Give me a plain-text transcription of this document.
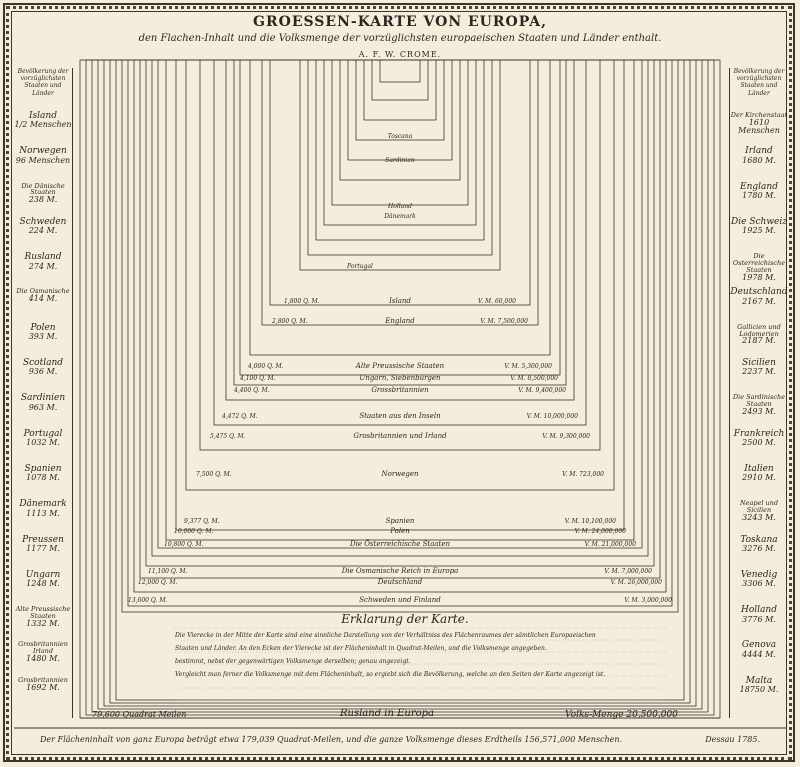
GROESSEN-KARTE VON EUROPA,
den Flachen-Inhalt und die Volksmenge der vorzüglichsten europaeischen Staaten und Länder enthalt.
A. F. W. CROME.
1,800 Q. M.	Island	V. M. 60,000
2,800 Q. M.	England	V. M. 7,500,000
4,000 Q. M.	Alte Preussische Staaten	V. M. 5,300,000
4,100 Q. M.	Ungarn, Siebenbürgen	V. M. 8,500,000
4,400 Q. M.	Grossbritannien	V. M. 9,400,000
4,472 Q. M.	Staaten aus den Inseln	V. M. 10,000,000
5,475 Q. M.	Grosbritannien und Irland	V. M. 9,300,000
7,500 Q. M.	Norwegen	V. M. 723,000
9,377 Q. M.	Spanien	V. M. 10,100,000
10,000 Q. M.	Polen	V. M. 24,000,000
10,800 Q. M.	Die Österreichische Staaten	V. M. 21,000,000
11,100 Q. M.	Die Osmanische Reich in Europa	V. M. 7,000,000
12,000 Q. M.	Deutschland	V. M. 26,000,000
13,600 Q. M.	Schweden und Finland	V. M. 3,000,000
Portugal
Dänemark
Holland
Sardinien
Toscana
Bevölkerung der vorzüglichsten Staaten und Länder
Island
1/2 Menschen
Norwegen
96 Menschen
Die Dänische Staaten
238 M.
Schweden
224 M.
Rusland
274 M.
Die Osmanische
414 M.
Polen
393 M.
Scotland
936 M.
Sardinien
963 M.
Portugal
1032 M.
Spanien
1078 M.
Dänemark
1113 M.
Preussen
1177 M.
Ungarn
1248 M.
Alte Preussische Staaten
1332 M.
Grosbritannien Irland
1480 M.
Grosbritannien
1692 M.
Bevölkerung der vorzüglichsten Staaten und Länder
Der Kirchenstaat
1610 Menschen
Irland
1680 M.
England
1780 M.
Die Schweiz
1925 M.
Die Osterreichische Staaten
1978 M.
Deutschland
2167 M.
Gallicien und Lodomerien
2187 M.
Sicilien
2237 M.
Die Sardinische Staaten
2493 M.
Frankreich
2500 M.
Italien
2910 M.
Neapel und Sicilien
3243 M.
Toskana
3276 M.
Venedig
3306 M.
Holland
3776 M.
Genova
4444 M.
Malta
18750 M.
Erklarung der Karte.
Die Vierecke in der Mitte der Karte sind eine sinnliche Darstellung von der Verhältniss des Flächenraumes der sämtlichen Europaeischen
Staaten und Länder. An den Ecken der Vierecke ist der Flächeninhalt in Quadrat-Meilen, und die Volksmenge angegeben.
bestimmt, nebst der gegenwärtigen Volksmenge derselben; genau angezeigt.
Vergleicht man ferner die Volksmenge mit dem Flächeninhalt, so ergiebt sich die Bevölkerung, welche an den Seiten der Karte angezeigt ist.
79,600 Quadrat Meilen	Rusland in Europa	Volks-Menge 20,500,000
Der Flächeninhalt von ganz Europa beträgt etwa 179,039 Quadrat-Meilen, und die ganze Volksmenge dieses Erdtheils 156,571,000 Menschen.	Dessau 1785.
